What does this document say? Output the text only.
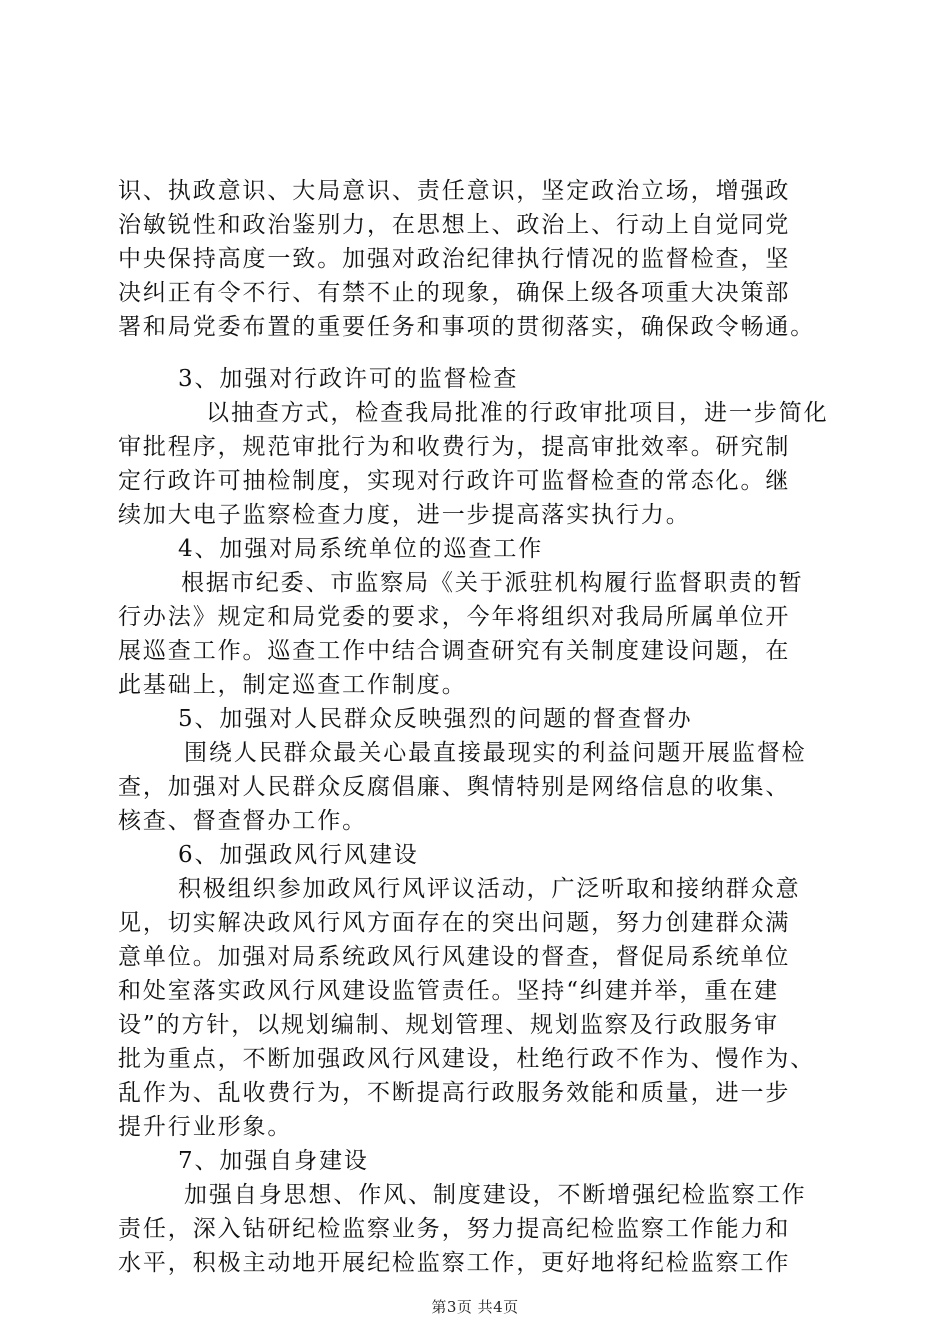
识、执政意识、大局意识、责任意识，坚定政治立场，增强政
治敏锐性和政治鉴别力，在思想上、政治上、行动上自觉同党
中央保持高度一致。加强对政治纪律执行情况的监督检查，坚
决纠正有令不行、有禁不止的现象，确保上级各项重大决策部
署和局党委布置的重要任务和事项的贯彻落实，确保政令畅通。
3、加强对行政许可的监督检查
以抽查方式，检查我局批准的行政审批项目，进一步简化
审批程序，规范审批行为和收费行为，提高审批效率。研究制
定行政许可抽检制度，实现对行政许可监督检查的常态化。继
续加大电子监察检查力度，进一步提高落实执行力。
4、加强对局系统单位的巡查工作
根据市纪委、市监察局《关于派驻机构履行监督职责的暂
行办法》规定和局党委的要求，今年将组织对我局所属单位开
展巡查工作。巡查工作中结合调查研究有关制度建设问题，在
此基础上，制定巡查工作制度。
5、加强对人民群众反映强烈的问题的督查督办
围绕人民群众最关心最直接最现实的利益问题开展监督检
查，加强对人民群众反腐倡廉、舆情特别是网络信息的收集、
核查、督查督办工作。
6、加强政风行风建设
积极组织参加政风行风评议活动，广泛听取和接纳群众意
见，切实解决政风行风方面存在的突出问题，努力创建群众满
意单位。加强对局系统政风行风建设的督查，督促局系统单位
和处室落实政风行风建设监管责任。坚持“纠建并举，重在建
设”的方针，以规划编制、规划管理、规划监察及行政服务审
批为重点，不断加强政风行风建设，杜绝行政不作为、慢作为、
乱作为、乱收费行为，不断提高行政服务效能和质量，进一步
提升行业形象。
7、加强自身建设
加强自身思想、作风、制度建设，不断增强纪检监察工作
责任，深入钻研纪检监察业务，努力提高纪检监察工作能力和
水平，积极主动地开展纪检监察工作，更好地将纪检监察工作
第3页 共4页
